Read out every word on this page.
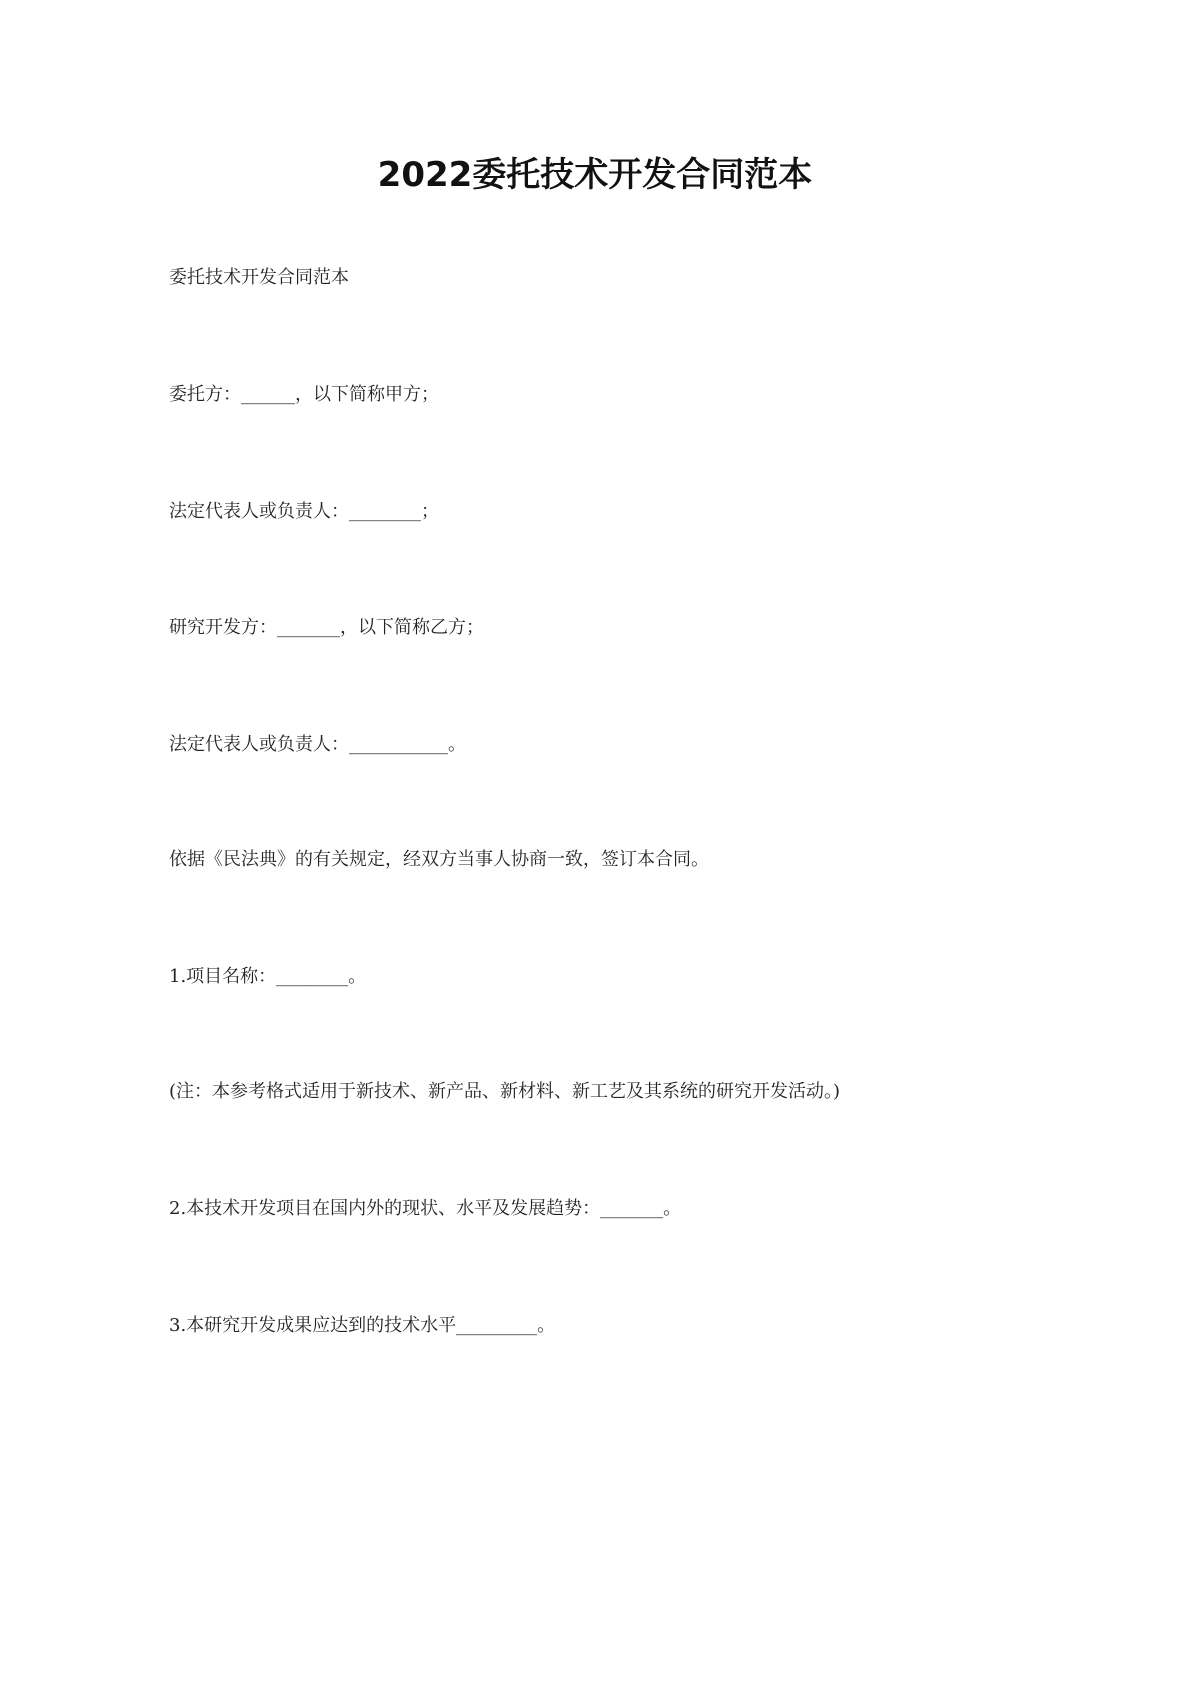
2022委托技术开发合同范本
委托技术开发合同范本
委托方：______，以下简称甲方；
法定代表人或负责人：________；
研究开发方：_______，以下简称乙方；
法定代表人或负责人：___________。
依据《民法典》的有关规定，经双方当事人协商一致，签订本合同。
1.项目名称：________。
(注：本参考格式适用于新技术、新产品、新材料、新工艺及其系统的研究开发活动。)
2.本技术开发项目在国内外的现状、水平及发展趋势：_______。
3.本研究开发成果应达到的技术水平_________。
